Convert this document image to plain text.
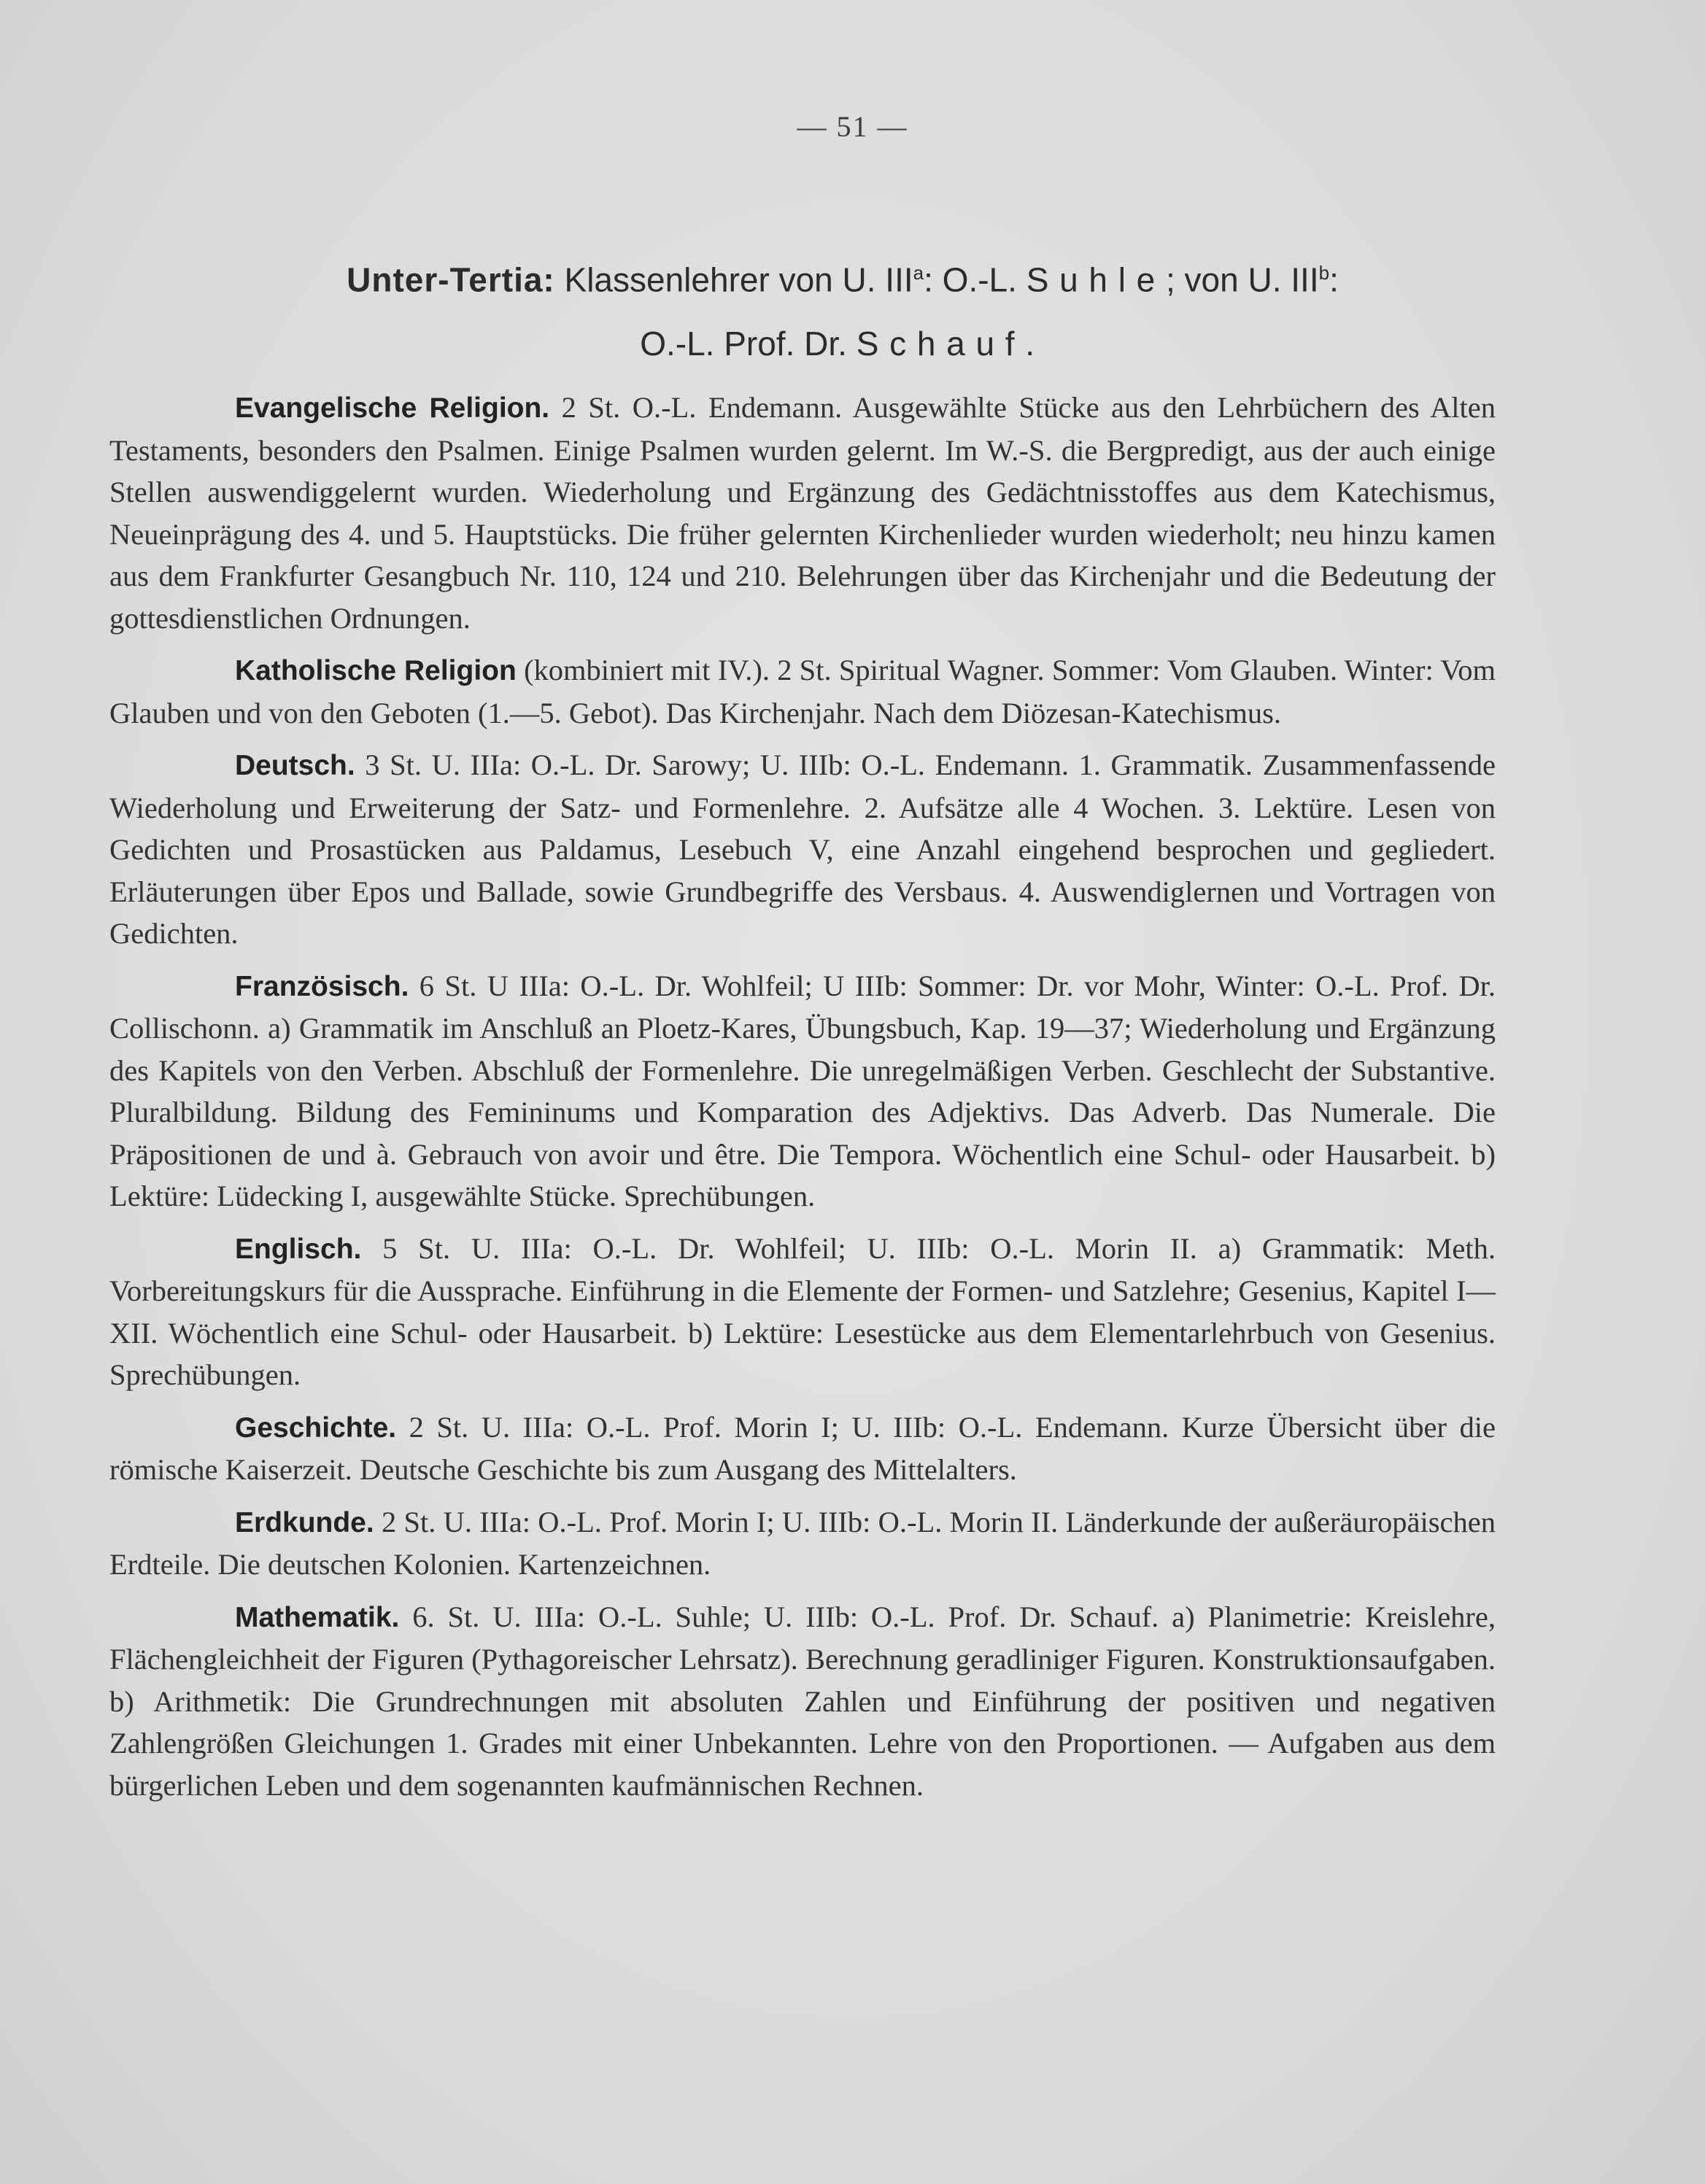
— 51 —
Unter-Tertia: Klassenlehrer von U. III$^a$: O.-L. Suhle; von U. III$^b$:
O.-L. Prof. Dr. Schauf.

Evangelische Religion. 2 St. O.-L. Endemann. Ausgewählte Stücke aus den Lehrbüchern des Alten Testaments, besonders den Psalmen. Einige Psalmen wurden gelernt. Im W.-S. die Bergpredigt, aus der auch einige Stellen auswendiggelernt wurden. Wiederholung und Ergänzung des Gedächtnisstoffes aus dem Katechismus, Neueinprägung des 4. und 5. Hauptstücks. Die früher gelernten Kirchenlieder wurden wiederholt; neu hinzu kamen aus dem Frankfurter Gesangbuch Nr. 110, 124 und 210. Belehrungen über das Kirchenjahr und die Bedeutung der gottesdienstlichen Ordnungen.

Katholische Religion (kombiniert mit IV.). 2 St. Spiritual Wagner. Sommer: Vom Glauben. Winter: Vom Glauben und von den Geboten (1.—5. Gebot). Das Kirchenjahr. Nach dem Diözesan-Katechismus.

Deutsch. 3 St. U. IIIa: O.-L. Dr. Sarowy; U. IIIb: O.-L. Endemann. 1. Grammatik. Zusammenfassende Wiederholung und Erweiterung der Satz- und Formenlehre. 2. Aufsätze alle 4 Wochen. 3. Lektüre. Lesen von Gedichten und Prosastücken aus Paldamus, Lesebuch V, eine Anzahl eingehend besprochen und gegliedert. Erläuterungen über Epos und Ballade, sowie Grundbegriffe des Versbaus. 4. Auswendiglernen und Vortragen von Gedichten.

Französisch. 6 St. U IIIa: O.-L. Dr. Wohlfeil; U IIIb: Sommer: Dr. vor Mohr, Winter: O.-L. Prof. Dr. Collischonn. a) Grammatik im Anschluß an Ploetz-Kares, Übungsbuch, Kap. 19—37; Wiederholung und Ergänzung des Kapitels von den Verben. Abschluß der Formenlehre. Die unregelmäßigen Verben. Geschlecht der Substantive. Pluralbildung. Bildung des Femininums und Komparation des Adjektivs. Das Adverb. Das Numerale. Die Präpositionen de und à. Gebrauch von avoir und être. Die Tempora. Wöchentlich eine Schul- oder Hausarbeit. b) Lektüre: Lüdecking I, ausgewählte Stücke. Sprechübungen.

Englisch. 5 St. U. IIIa: O.-L. Dr. Wohlfeil; U. IIIb: O.-L. Morin II. a) Grammatik: Meth. Vorbereitungskurs für die Aussprache. Einführung in die Elemente der Formen- und Satzlehre; Gesenius, Kapitel I—XII. Wöchentlich eine Schul- oder Hausarbeit. b) Lektüre: Lesestücke aus dem Elementarlehrbuch von Gesenius. Sprechübungen.

Geschichte. 2 St. U. IIIa: O.-L. Prof. Morin I; U. IIIb: O.-L. Endemann. Kurze Übersicht über die römische Kaiserzeit. Deutsche Geschichte bis zum Ausgang des Mittelalters.

Erdkunde. 2 St. U. IIIa: O.-L. Prof. Morin I; U. IIIb: O.-L. Morin II. Länderkunde der außeräuropäischen Erdteile. Die deutschen Kolonien. Kartenzeichnen.

Mathematik. 6. St. U. IIIa: O.-L. Suhle; U. IIIb: O.-L. Prof. Dr. Schauf. a) Planimetrie: Kreislehre, Flächengleichheit der Figuren (Pythagoreischer Lehrsatz). Berechnung geradliniger Figuren. Konstruktionsaufgaben. b) Arithmetik: Die Grundrechnungen mit absoluten Zahlen und Einführung der positiven und negativen Zahlengrößen Gleichungen 1. Grades mit einer Unbekannten. Lehre von den Proportionen. — Aufgaben aus dem bürgerlichen Leben und dem sogenannten kaufmännischen Rechnen.
